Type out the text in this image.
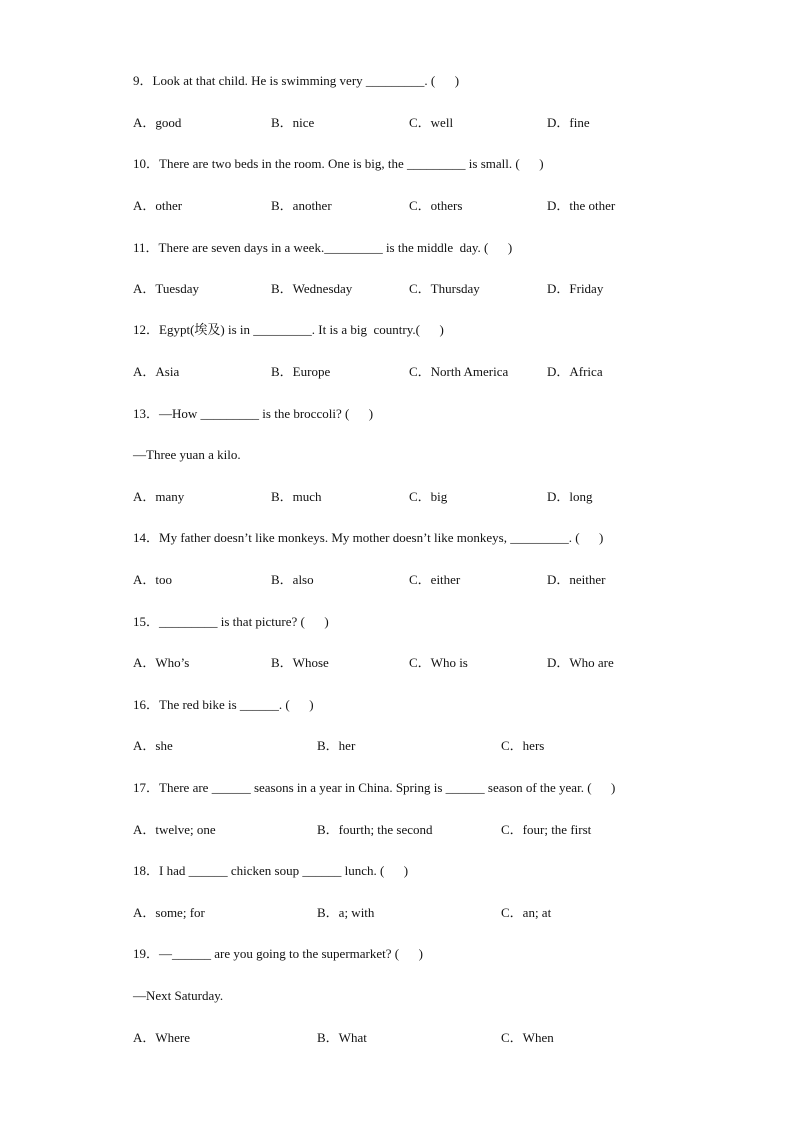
9．Look at that child. He is swimming very _________. (      )
A．good	B．nice	C．well	D．fine
10．There are two beds in the room. One is big, the _________ is small. (      )
A．other	B．another	C．others	D．the other
11．There are seven days in a week._________ is the middle  day. (      )
A．Tuesday	B．Wednesday	C．Thursday	D．Friday
12．Egypt(埃及) is in _________. It is a big  country.(      )
A．Asia	B．Europe	C．North America	D．Africa
13．—How _________ is the broccoli? (      )
—Three yuan a kilo.
A．many	B．much	C．big	D．long
14．My father doesn’t like monkeys. My mother doesn’t like monkeys, _________. (      )
A．too	B．also	C．either	D．neither
15．_________ is that picture? (      )
A．Who’s	B．Whose	C．Who is	D．Who are
16．The red bike is ______. (      )
A．she	B．her	C．hers
17．There are ______ seasons in a year in China. Spring is ______ season of the year. (      )
A．twelve; one	B．fourth; the second	C．four; the first
18．I had ______ chicken soup ______ lunch. (      )
A．some; for	B．a; with	C．an; at
19．—______ are you going to the supermarket? (      )
—Next Saturday.
A．Where	B．What	C．When
